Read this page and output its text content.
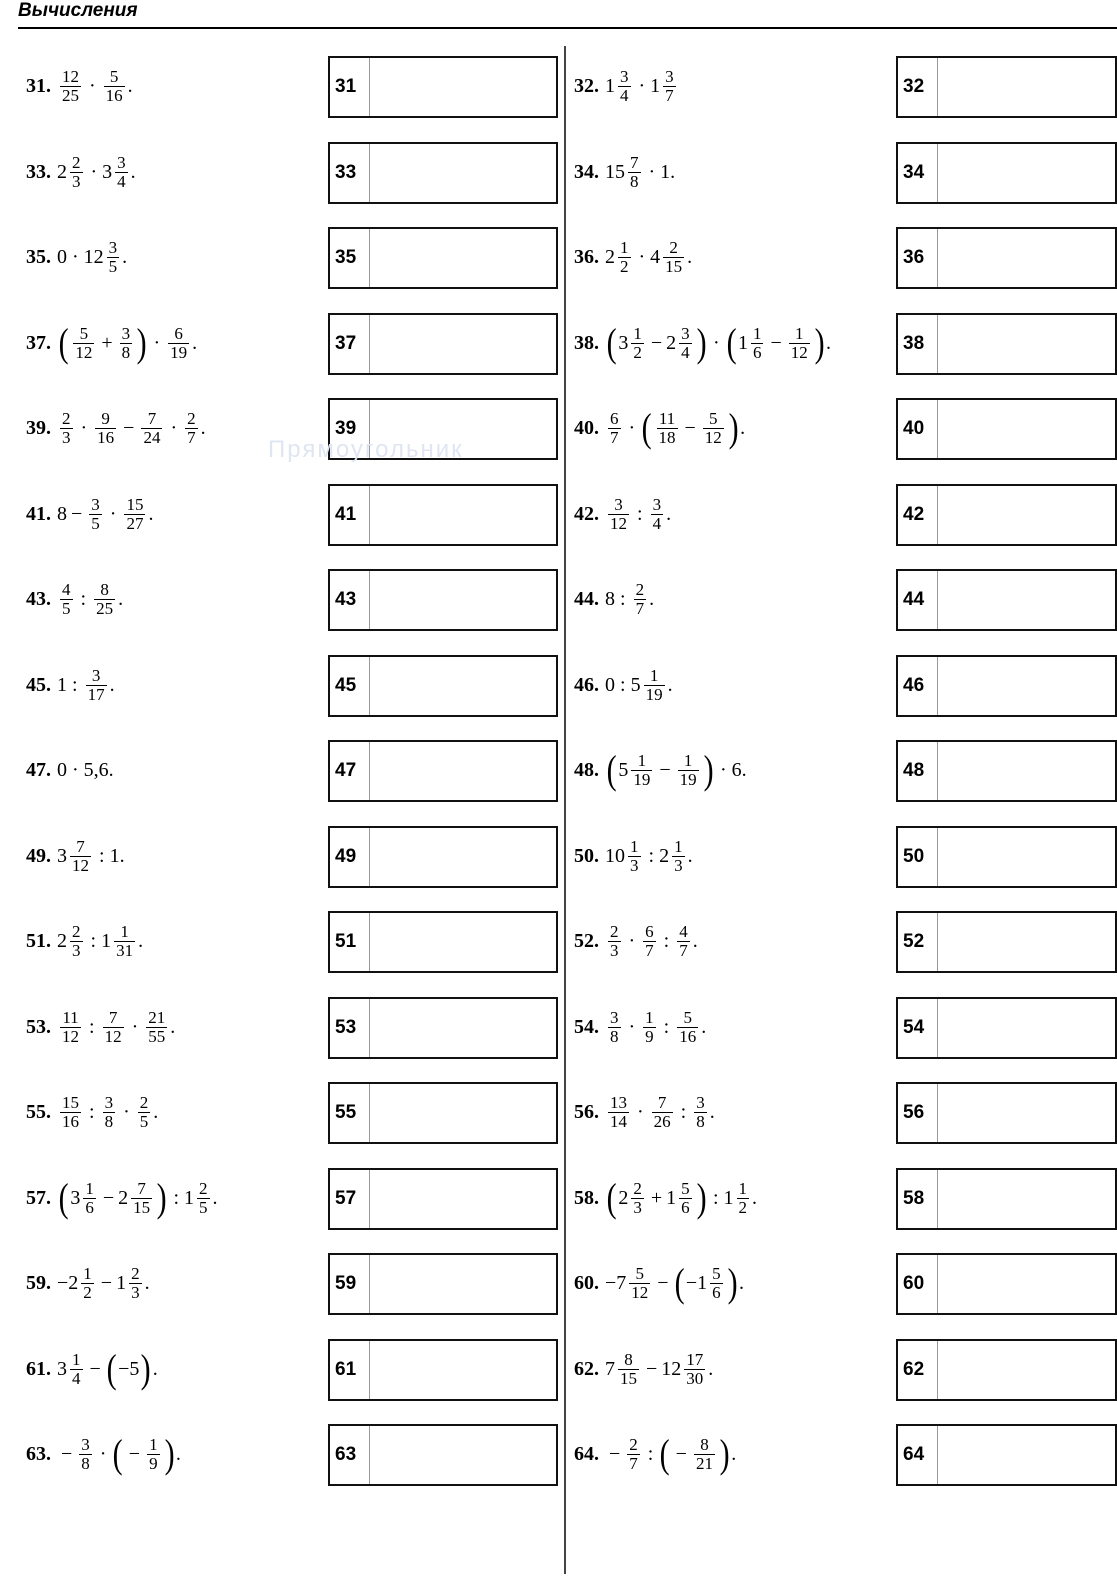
Вычисления
Прямоугольник
31. $\frac{12}{25} \cdot \frac{5}{16}$ .	31	32. $1 \frac{3}{4} \cdot 1 \frac{3}{7}$	32
33. $2 \frac{2}{3} \cdot 3 \frac{3}{4}$ .	33	34. $15 \frac{7}{8} \cdot 1$.	34
35. $0 \cdot 12 \frac{3}{5}$ .	35	36. $2 \frac{1}{2} \cdot 4 \frac{2}{15}$ .	36
37. ( $\frac{5}{12} + \frac{3}{8}$ ) · $\frac{6}{19}$ .	37	38. ( $3 \frac{1}{2} - 2 \frac{3}{4}$ ) · ( $1 \frac{1}{6} - \frac{1}{12}$ ) .	38
39. $\frac{2}{3} \cdot \frac{9}{16} - \frac{7}{24} \cdot \frac{2}{7}$ .	39	40. $\frac{6}{7}$ · ( $\frac{11}{18} - \frac{5}{12}$ ) .	40
41. $8 - \frac{3}{5} \cdot \frac{15}{27}$ .	41	42. $\frac{3}{12}$ : $\frac{3}{4}$ .	42
43. $\frac{4}{5}$ : $\frac{8}{25}$ .	43	44. 8 : $\frac{2}{7}$ .	44
45. 1 : $\frac{3}{17}$ .	45	46. 0 : $5 \frac{1}{19}$ .	46
47. 0 · 5,6.	47	48. ( $5 \frac{1}{19} - \frac{1}{19}$ ) · 6.	48
49. $3 \frac{7}{12}$ : 1.	49	50. $10 \frac{1}{3}$ : $2 \frac{1}{3}$ .	50
51. $2 \frac{2}{3}$ : $1 \frac{1}{31}$ .	51	52. $\frac{2}{3} \cdot \frac{6}{7}$ : $\frac{4}{7}$ .	52
53. $\frac{11}{12}$ : $\frac{7}{12} \cdot \frac{21}{55}$ .	53	54. $\frac{3}{8} \cdot \frac{1}{9}$ : $\frac{5}{16}$ .	54
55. $\frac{15}{16}$ : $\frac{3}{8} \cdot \frac{2}{5}$ .	55	56. $\frac{13}{14} \cdot \frac{7}{26}$ : $\frac{3}{8}$ .	56
57. ( $3 \frac{1}{6} - 2 \frac{7}{15}$ ) : $1 \frac{2}{5}$ .	57	58. ( $2 \frac{2}{3} + 1 \frac{5}{6}$ ) : $1 \frac{1}{2}$ .	58
59. $-2 \frac{1}{2} - 1 \frac{2}{3}$ .	59	60. $-7 \frac{5}{12}$ − ( $-1 \frac{5}{6}$ ) .	60
61. $3 \frac{1}{4}$ − ( −5 ) .	61	62. $7 \frac{8}{15} - 12 \frac{17}{30}$ .	62
63. − $\frac{3}{8}$ · ( − $\frac{1}{9}$ ) .	63	64. − $\frac{2}{7}$ : ( − $\frac{8}{21}$ ) .	64
